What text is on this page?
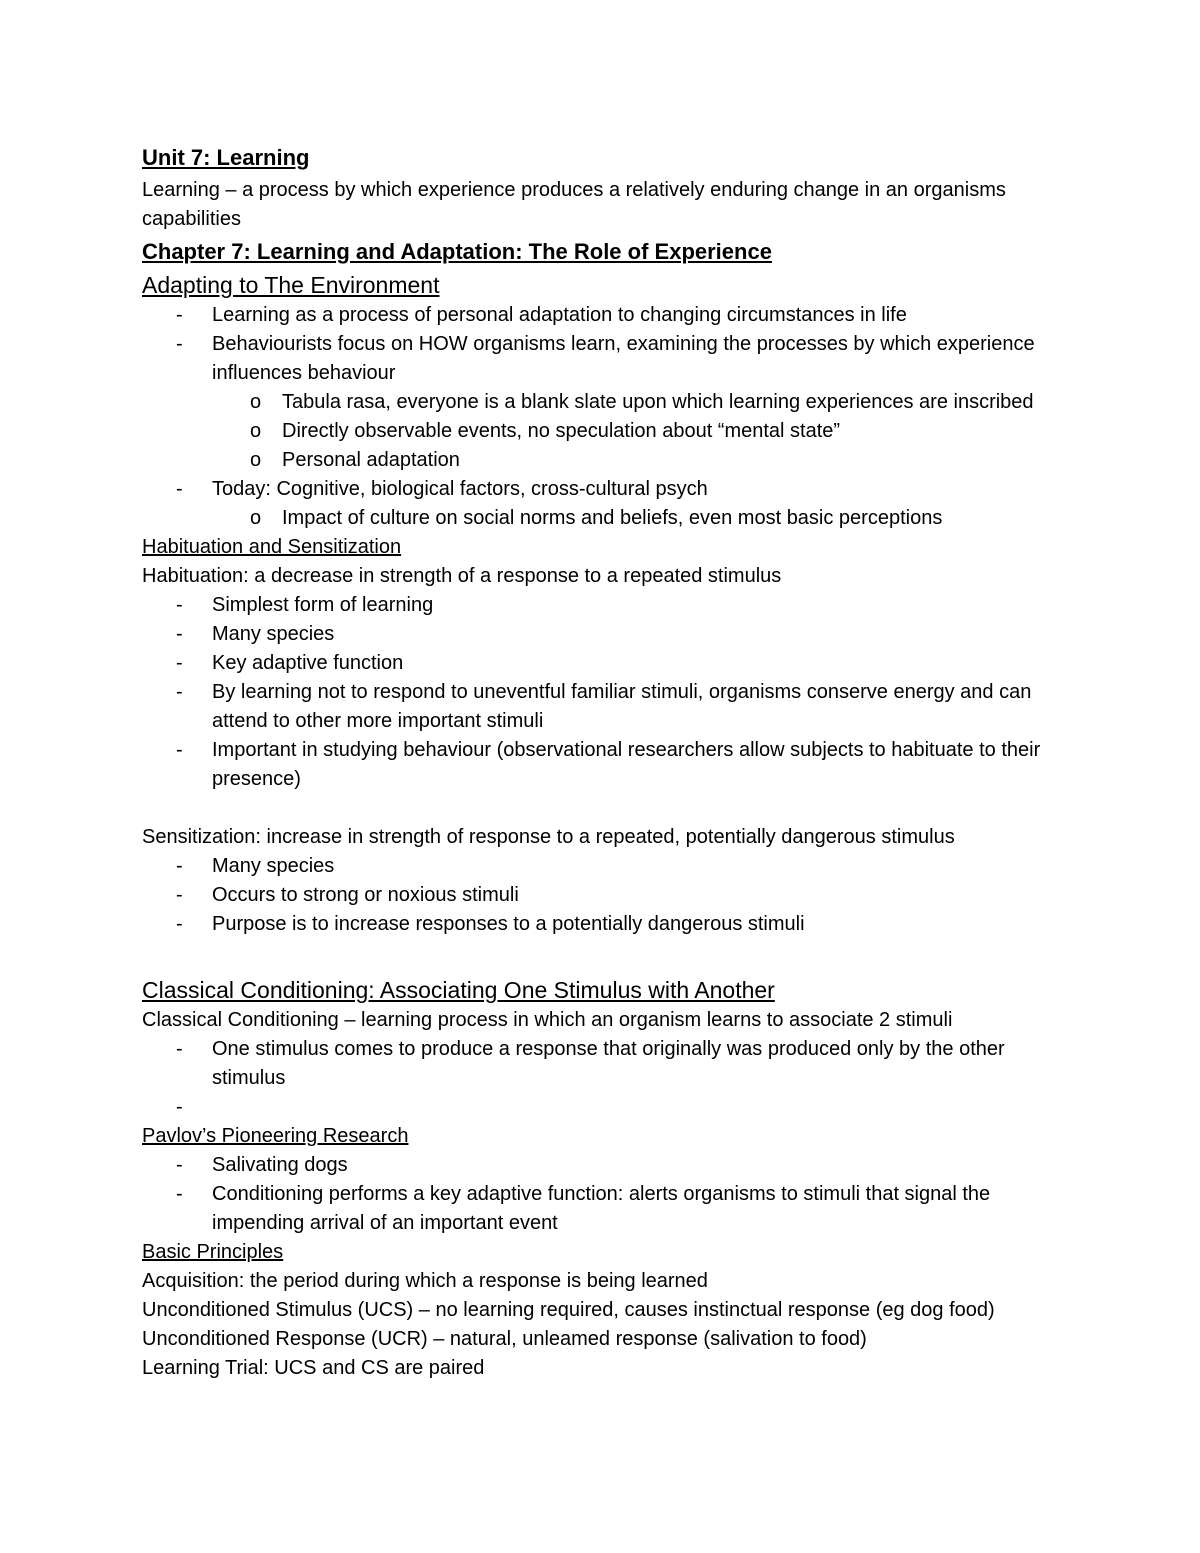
Unit 7: Learning

Learning – a process by which experience produces a relatively enduring change in an organisms capabilities

Chapter 7: Learning and Adaptation: The Role of Experience
Adapting to The Environment
- Learning as a process of personal adaptation to changing circumstances in life
- Behaviourists focus on HOW organisms learn, examining the processes by which experience influences behaviour
o Tabula rasa, everyone is a blank slate upon which learning experiences are inscribed
o Directly observable events, no speculation about “mental state”
o Personal adaptation
- Today: Cognitive, biological factors, cross-cultural psych
o Impact of culture on social norms and beliefs, even most basic perceptions
Habituation and Sensitization

Habituation: a decrease in strength of a response to a repeated stimulus

- Simplest form of learning
- Many species
- Key adaptive function
- By learning not to respond to uneventful familiar stimuli, organisms conserve energy and can attend to other more important stimuli
- Important in studying behaviour (observational researchers allow subjects to habituate to their presence)

Sensitization: increase in strength of response to a repeated, potentially dangerous stimulus

- Many species
- Occurs to strong or noxious stimuli
- Purpose is to increase responses to a potentially dangerous stimuli
Classical Conditioning: Associating One Stimulus with Another

Classical Conditioning – learning process in which an organism learns to associate 2 stimuli

- One stimulus comes to produce a response that originally was produced only by the other stimulus
-
Pavlov’s Pioneering Research
- Salivating dogs
- Conditioning performs a key adaptive function: alerts organisms to stimuli that signal the impending arrival of an important event
Basic Principles

Acquisition: the period during which a response is being learned

Unconditioned Stimulus (UCS) – no learning required, causes instinctual response (eg dog food)

Unconditioned Response (UCR) – natural, unleamed response (salivation to food)

Learning Trial: UCS and CS are paired
